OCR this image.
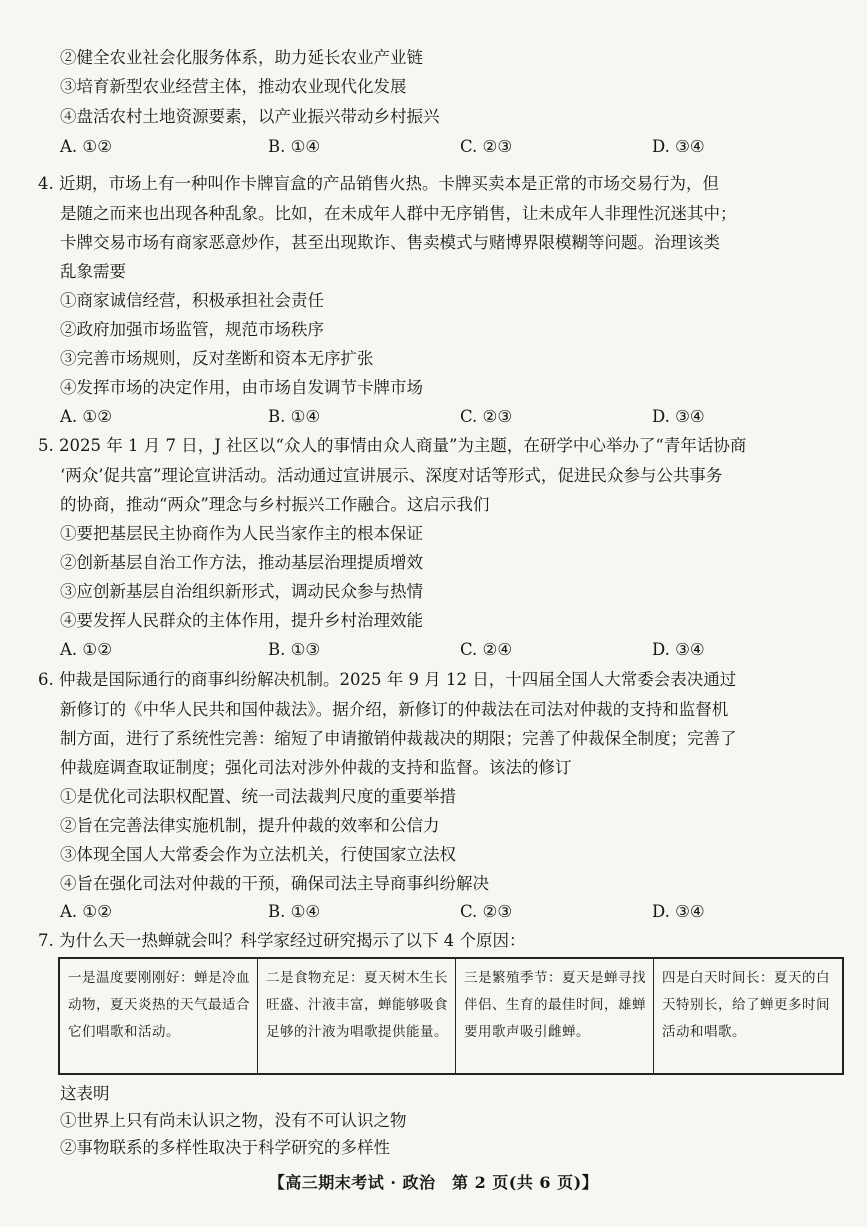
②健全农业社会化服务体系，助力延长农业产业链
③培育新型农业经营主体，推动农业现代化发展
④盘活农村土地资源要素，以产业振兴带动乡村振兴
A. ①②	B. ①④	C. ②③	D. ③④
4. 近期，市场上有一种叫作卡牌盲盒的产品销售火热。卡牌买卖本是正常的市场交易行为，但
是随之而来也出现各种乱象。比如，在未成年人群中无序销售，让未成年人非理性沉迷其中；
卡牌交易市场有商家恶意炒作，甚至出现欺诈、售卖模式与赌博界限模糊等问题。治理该类
乱象需要
①商家诚信经营，积极承担社会责任
②政府加强市场监管，规范市场秩序
③完善市场规则，反对垄断和资本无序扩张
④发挥市场的决定作用，由市场自发调节卡牌市场
A. ①②	B. ①④	C. ②③	D. ③④
5. 2025 年 1 月 7 日，J 社区以“众人的事情由众人商量”为主题，在研学中心举办了“青年话协商
‘两众’促共富”理论宣讲活动。活动通过宣讲展示、深度对话等形式，促进民众参与公共事务
的协商，推动“两众”理念与乡村振兴工作融合。这启示我们
①要把基层民主协商作为人民当家作主的根本保证
②创新基层自治工作方法，推动基层治理提质增效
③应创新基层自治组织新形式，调动民众参与热情
④要发挥人民群众的主体作用，提升乡村治理效能
A. ①②	B. ①③	C. ②④	D. ③④
6. 仲裁是国际通行的商事纠纷解决机制。2025 年 9 月 12 日，十四届全国人大常委会表决通过
新修订的《中华人民共和国仲裁法》。据介绍，新修订的仲裁法在司法对仲裁的支持和监督机
制方面，进行了系统性完善：缩短了申请撤销仲裁裁决的期限；完善了仲裁保全制度；完善了
仲裁庭调查取证制度；强化司法对涉外仲裁的支持和监督。该法的修订
①是优化司法职权配置、统一司法裁判尺度的重要举措
②旨在完善法律实施机制，提升仲裁的效率和公信力
③体现全国人大常委会作为立法机关，行使国家立法权
④旨在强化司法对仲裁的干预，确保司法主导商事纠纷解决
A. ①②	B. ①④	C. ②③	D. ③④
7. 为什么天一热蝉就会叫？科学家经过研究揭示了以下 4 个原因：
一是温度要刚刚好：蝉是冷血动物，夏天炎热的天气最适合它们唱歌和活动。
二是食物充足：夏天树木生长旺盛、汁液丰富，蝉能够吸食足够的汁液为唱歌提供能量。
三是繁殖季节：夏天是蝉寻找伴侣、生育的最佳时间，雄蝉要用歌声吸引雌蝉。
四是白天时间长：夏天的白天特别长，给了蝉更多时间活动和唱歌。
这表明
①世界上只有尚未认识之物，没有不可认识之物
②事物联系的多样性取决于科学研究的多样性
【高三期末考试 · 政治　第 2 页(共 6 页)】
